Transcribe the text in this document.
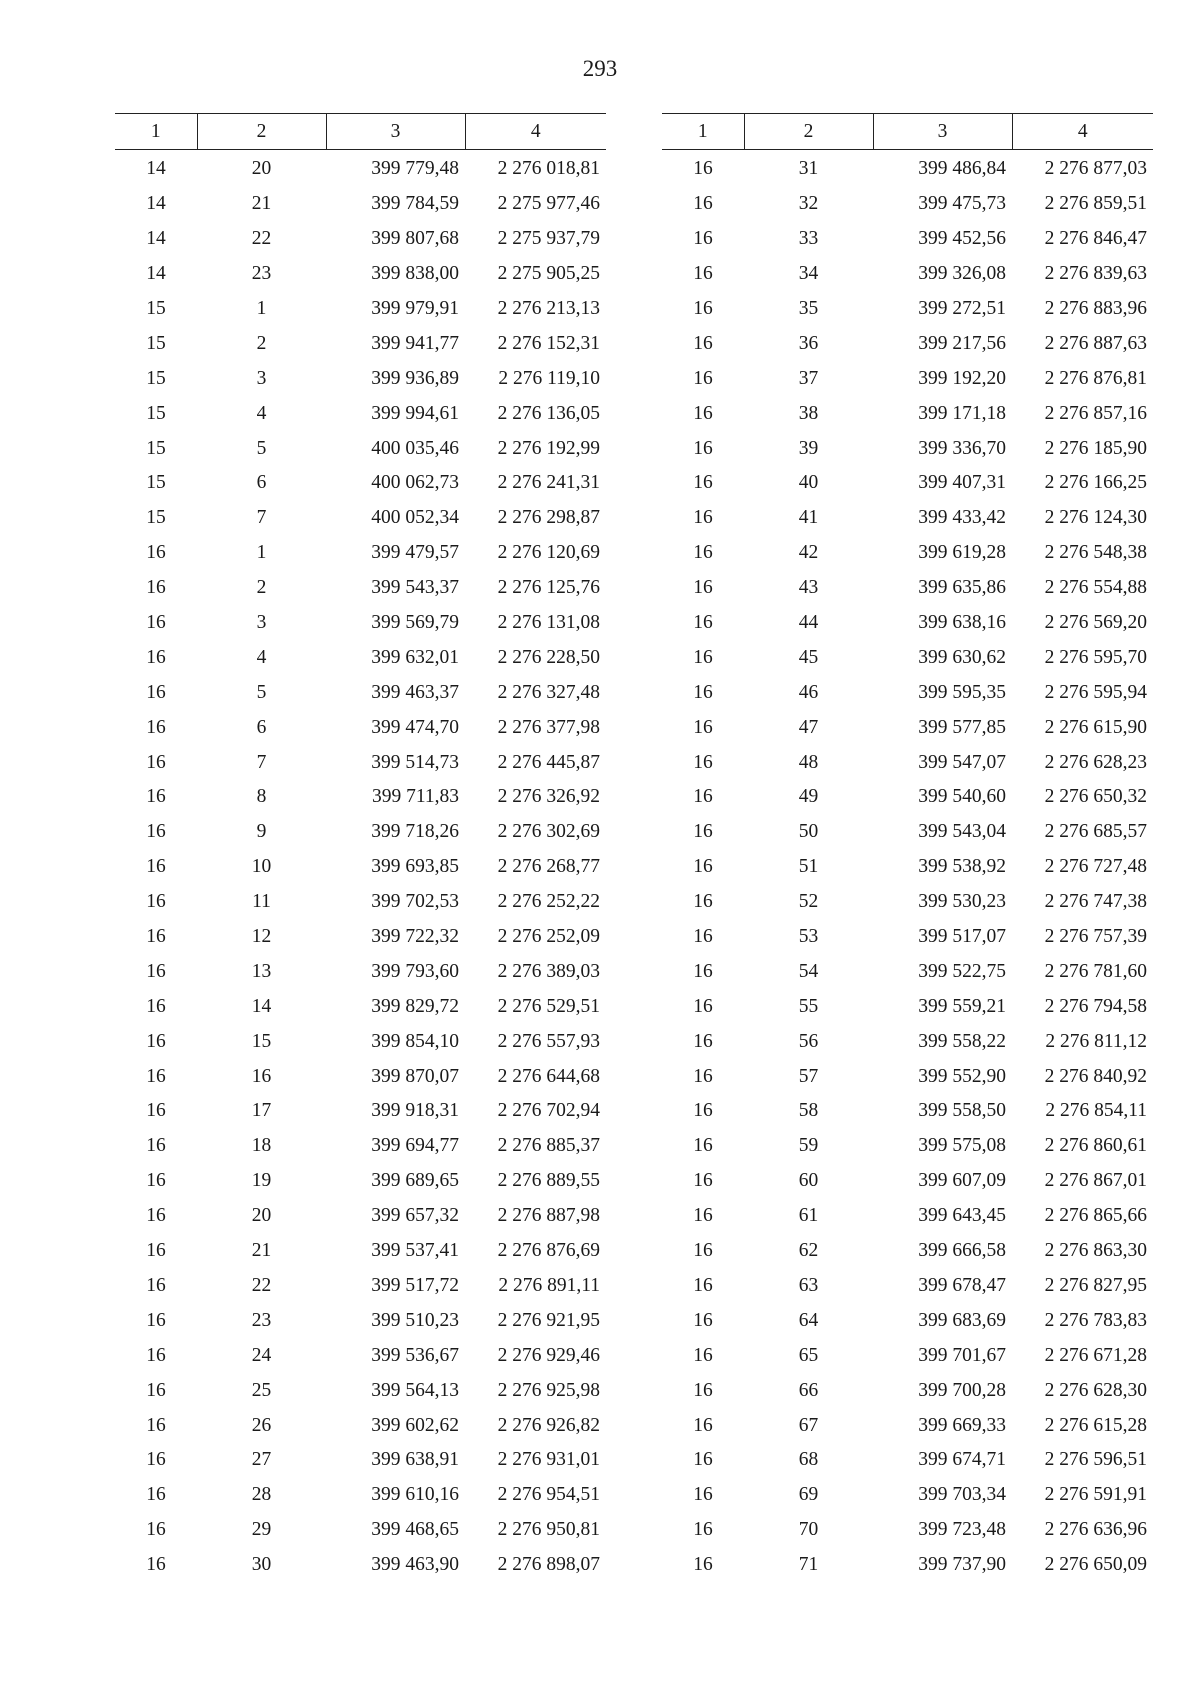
293
1	2	3	4
14	20	399 779,48	2 276 018,81
14	21	399 784,59	2 275 977,46
14	22	399 807,68	2 275 937,79
14	23	399 838,00	2 275 905,25
15	1	399 979,91	2 276 213,13
15	2	399 941,77	2 276 152,31
15	3	399 936,89	2 276 119,10
15	4	399 994,61	2 276 136,05
15	5	400 035,46	2 276 192,99
15	6	400 062,73	2 276 241,31
15	7	400 052,34	2 276 298,87
16	1	399 479,57	2 276 120,69
16	2	399 543,37	2 276 125,76
16	3	399 569,79	2 276 131,08
16	4	399 632,01	2 276 228,50
16	5	399 463,37	2 276 327,48
16	6	399 474,70	2 276 377,98
16	7	399 514,73	2 276 445,87
16	8	399 711,83	2 276 326,92
16	9	399 718,26	2 276 302,69
16	10	399 693,85	2 276 268,77
16	11	399 702,53	2 276 252,22
16	12	399 722,32	2 276 252,09
16	13	399 793,60	2 276 389,03
16	14	399 829,72	2 276 529,51
16	15	399 854,10	2 276 557,93
16	16	399 870,07	2 276 644,68
16	17	399 918,31	2 276 702,94
16	18	399 694,77	2 276 885,37
16	19	399 689,65	2 276 889,55
16	20	399 657,32	2 276 887,98
16	21	399 537,41	2 276 876,69
16	22	399 517,72	2 276 891,11
16	23	399 510,23	2 276 921,95
16	24	399 536,67	2 276 929,46
16	25	399 564,13	2 276 925,98
16	26	399 602,62	2 276 926,82
16	27	399 638,91	2 276 931,01
16	28	399 610,16	2 276 954,51
16	29	399 468,65	2 276 950,81
16	30	399 463,90	2 276 898,07
1	2	3	4
16	31	399 486,84	2 276 877,03
16	32	399 475,73	2 276 859,51
16	33	399 452,56	2 276 846,47
16	34	399 326,08	2 276 839,63
16	35	399 272,51	2 276 883,96
16	36	399 217,56	2 276 887,63
16	37	399 192,20	2 276 876,81
16	38	399 171,18	2 276 857,16
16	39	399 336,70	2 276 185,90
16	40	399 407,31	2 276 166,25
16	41	399 433,42	2 276 124,30
16	42	399 619,28	2 276 548,38
16	43	399 635,86	2 276 554,88
16	44	399 638,16	2 276 569,20
16	45	399 630,62	2 276 595,70
16	46	399 595,35	2 276 595,94
16	47	399 577,85	2 276 615,90
16	48	399 547,07	2 276 628,23
16	49	399 540,60	2 276 650,32
16	50	399 543,04	2 276 685,57
16	51	399 538,92	2 276 727,48
16	52	399 530,23	2 276 747,38
16	53	399 517,07	2 276 757,39
16	54	399 522,75	2 276 781,60
16	55	399 559,21	2 276 794,58
16	56	399 558,22	2 276 811,12
16	57	399 552,90	2 276 840,92
16	58	399 558,50	2 276 854,11
16	59	399 575,08	2 276 860,61
16	60	399 607,09	2 276 867,01
16	61	399 643,45	2 276 865,66
16	62	399 666,58	2 276 863,30
16	63	399 678,47	2 276 827,95
16	64	399 683,69	2 276 783,83
16	65	399 701,67	2 276 671,28
16	66	399 700,28	2 276 628,30
16	67	399 669,33	2 276 615,28
16	68	399 674,71	2 276 596,51
16	69	399 703,34	2 276 591,91
16	70	399 723,48	2 276 636,96
16	71	399 737,90	2 276 650,09
